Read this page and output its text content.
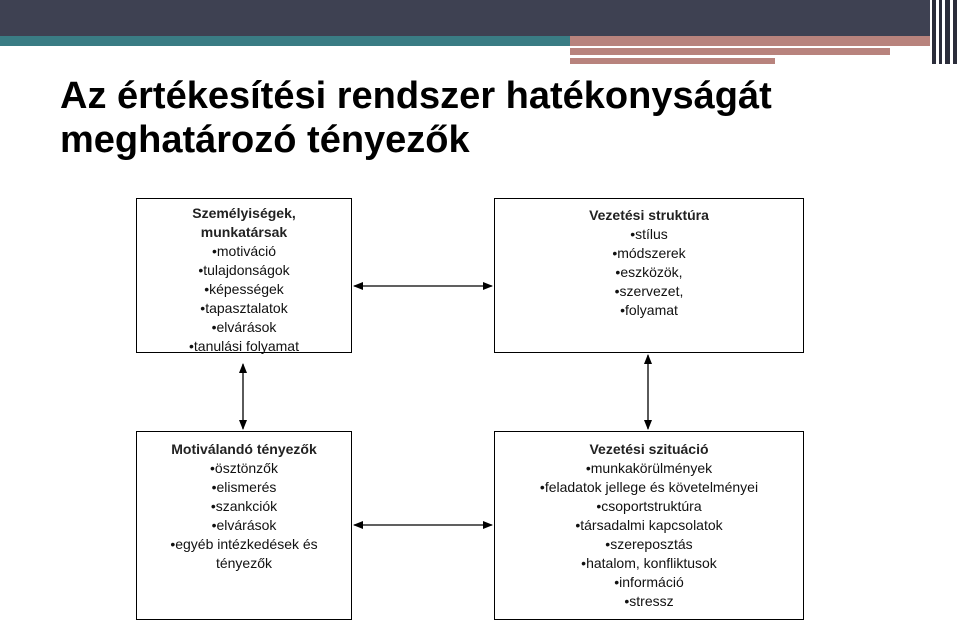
Az értékesítési rendszer hatékonyságát meghatározó tényezők
Személyiségek,
munkatársak
•motiváció
•tulajdonságok
•képességek
•tapasztalatok
•elvárások
•tanulási folyamat
Vezetési struktúra
•stílus
•módszerek
•eszközök,
•szervezet,
•folyamat
Motiválandó tényezők
•ösztönzők
•elismerés
•szankciók
•elvárások
•egyéb intézkedések és
tényezők
Vezetési szituáció
•munkakörülmények
•feladatok jellege és követelményei
•csoportstruktúra
•társadalmi kapcsolatok
•szereposztás
•hatalom, konfliktusok
•információ
•stressz
